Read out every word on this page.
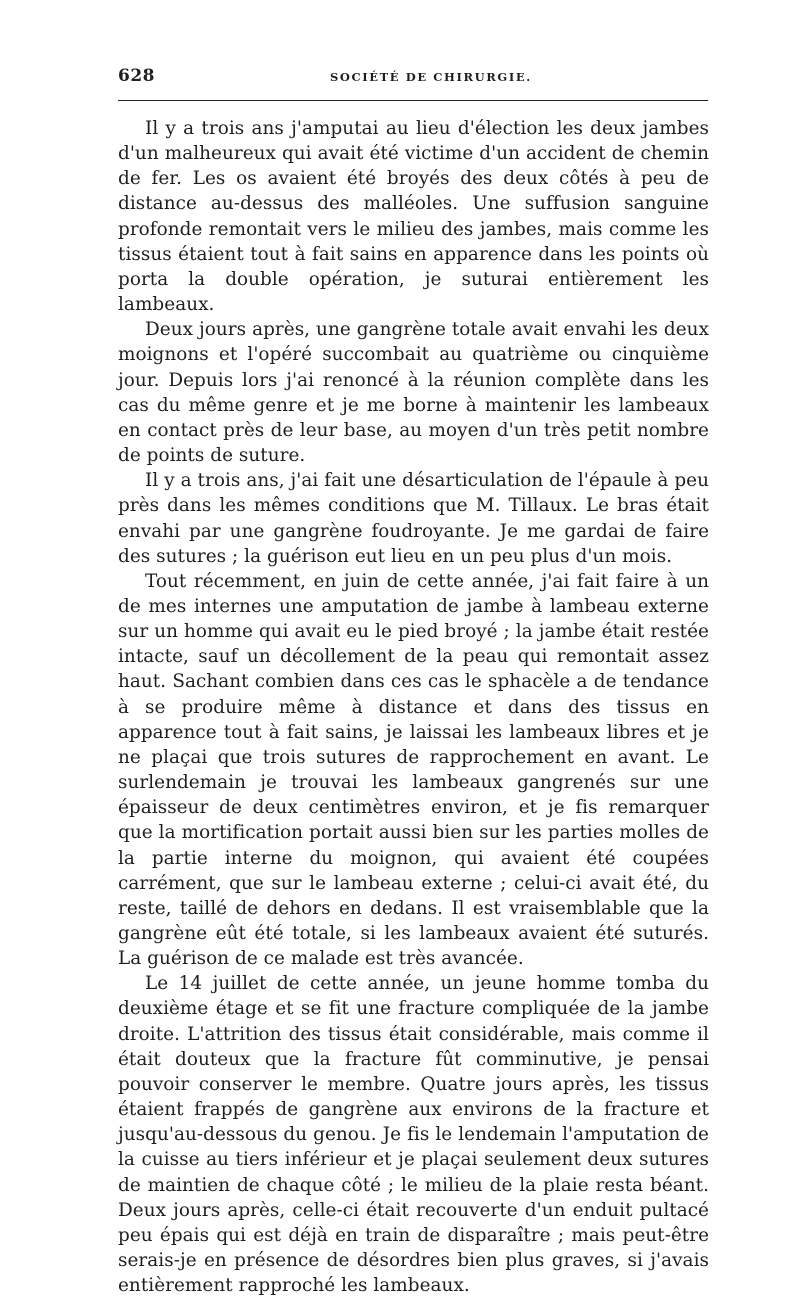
628	SOCIÉTÉ DE CHIRURGIE.

Il y a trois ans j'amputai au lieu d'élection les deux jambes d'un malheureux qui avait été victime d'un accident de chemin de fer. Les os avaient été broyés des deux côtés à peu de distance au-dessus des malléoles. Une suffusion sanguine profonde remontait vers le milieu des jambes, mais comme les tissus étaient tout à fait sains en apparence dans les points où porta la double opération, je suturai entièrement les lambeaux.

Deux jours après, une gangrène totale avait envahi les deux moignons et l'opéré succombait au quatrième ou cinquième jour. Depuis lors j'ai renoncé à la réunion complète dans les cas du même genre et je me borne à maintenir les lambeaux en contact près de leur base, au moyen d'un très petit nombre de points de suture.

Il y a trois ans, j'ai fait une désarticulation de l'épaule à peu près dans les mêmes conditions que M. Tillaux. Le bras était envahi par une gangrène foudroyante. Je me gardai de faire des sutures ; la guérison eut lieu en un peu plus d'un mois.

Tout récemment, en juin de cette année, j'ai fait faire à un de mes internes une amputation de jambe à lambeau externe sur un homme qui avait eu le pied broyé ; la jambe était restée intacte, sauf un décollement de la peau qui remontait assez haut. Sachant combien dans ces cas le sphacèle a de tendance à se produire même à distance et dans des tissus en apparence tout à fait sains, je laissai les lambeaux libres et je ne plaçai que trois sutures de rapprochement en avant. Le surlendemain je trouvai les lambeaux gangrenés sur une épaisseur de deux centimètres environ, et je fis remarquer que la mortification portait aussi bien sur les parties molles de la partie interne du moignon, qui avaient été coupées carrément, que sur le lambeau externe ; celui-ci avait été, du reste, taillé de dehors en dedans. Il est vraisemblable que la gangrène eût été totale, si les lambeaux avaient été suturés. La guérison de ce malade est très avancée.

Le 14 juillet de cette année, un jeune homme tomba du deuxième étage et se fit une fracture compliquée de la jambe droite. L'attrition des tissus était considérable, mais comme il était douteux que la fracture fût comminutive, je pensai pouvoir conserver le membre. Quatre jours après, les tissus étaient frappés de gangrène aux environs de la fracture et jusqu'au-dessous du genou. Je fis le lendemain l'amputation de la cuisse au tiers inférieur et je plaçai seulement deux sutures de maintien de chaque côté ; le milieu de la plaie resta béant. Deux jours après, celle-ci était recouverte d'un enduit pultacé peu épais qui est déjà en train de disparaître ; mais peut-être serais-je en présence de désordres bien plus graves, si j'avais entièrement rapproché les lambeaux.
